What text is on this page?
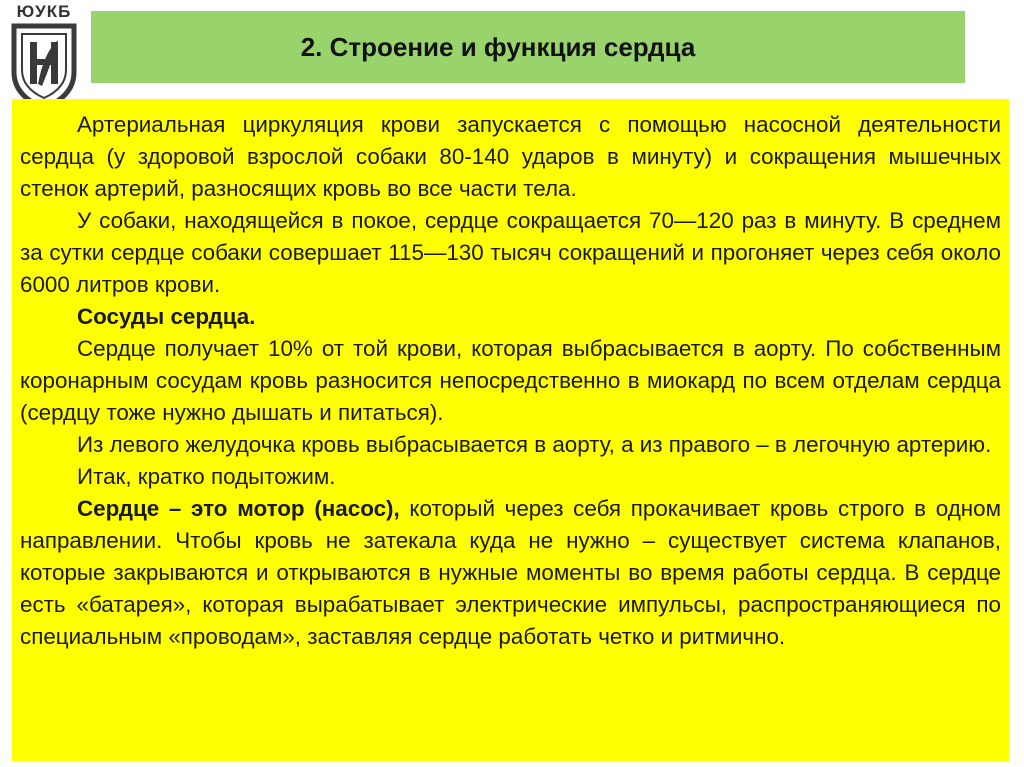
ЮУКБ
2. Строение и функция сердца

Артериальная циркуляция крови запускается с помощью насосной деятельности сердца (у здоровой взрослой собаки 80-140 ударов в минуту) и сокращения мышечных стенок артерий, разносящих кровь во все части тела.

У собаки, находящейся в покое, сердце сокращается 70—120 раз в минуту. В среднем за сутки сердце собаки совершает 115—130 тысяч сокращений и прогоняет через себя около 6000 литров крови.

Сосуды сердца.

Сердце получает 10% от той крови, которая выбрасывается в аорту. По собственным коронарным сосудам кровь разносится непосредственно в миокард по всем отделам сердца (сердцу тоже нужно дышать и питаться).

Из левого желудочка кровь выбрасывается в аорту, а из правого – в легочную артерию.

Итак, кратко подытожим.

Сердце – это мотор (насос), который через себя прокачивает кровь строго в одном направлении. Чтобы кровь не затекала куда не нужно – существует система клапанов, которые закрываются и открываются в нужные моменты во время работы сердца. В сердце есть «батарея», которая вырабатывает электрические импульсы, распространяющиеся по специальным «проводам», заставляя сердце работать четко и ритмично.
